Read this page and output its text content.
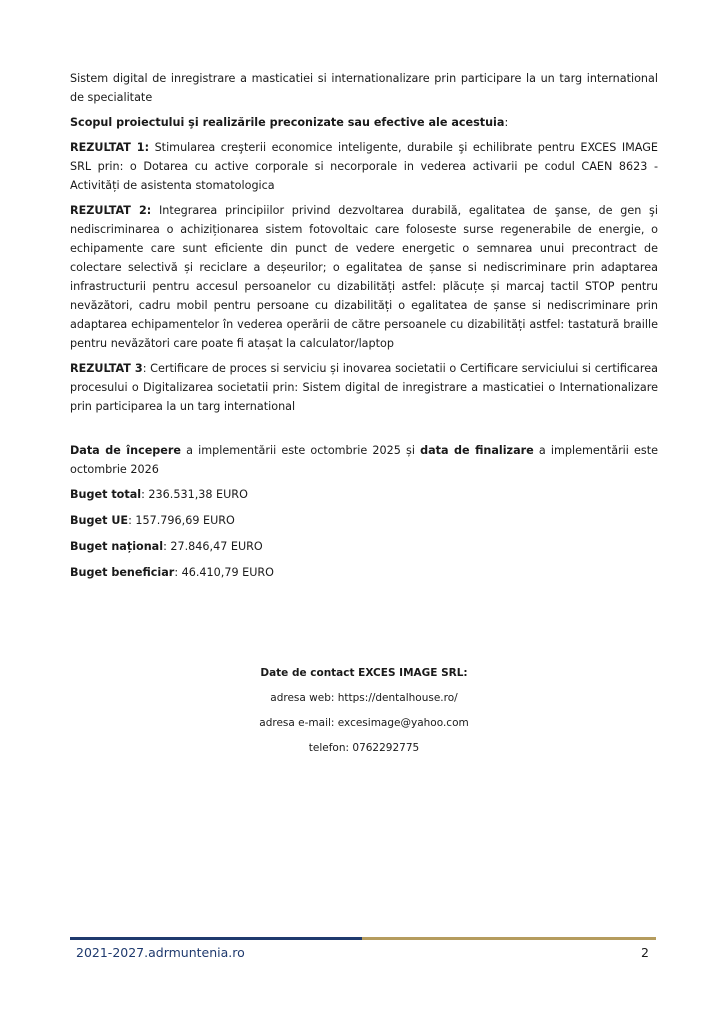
Sistem digital de inregistrare a masticatiei si internationalizare prin participare la un targ international de specialitate

Scopul proiectului şi realizările preconizate sau efective ale acestuia:

REZULTAT 1: Stimularea creşterii economice inteligente, durabile şi echilibrate pentru EXCES IMAGE SRL prin: o Dotarea cu active corporale si necorporale in vederea activarii pe codul CAEN 8623 - Activități de asistenta stomatologica

REZULTAT 2: Integrarea principiilor privind dezvoltarea durabilă, egalitatea de şanse, de gen şi nediscriminarea o achiziționarea sistem fotovoltaic care foloseste surse regenerabile de energie, o echipamente care sunt eficiente din punct de vedere energetic o semnarea unui precontract de colectare selectivă și reciclare a deșeurilor; o egalitatea de șanse si nediscriminare prin adaptarea infrastructurii pentru accesul persoanelor cu dizabilități astfel: plăcuțe și marcaj tactil STOP pentru nevăzători, cadru mobil pentru persoane cu dizabilități o egalitatea de șanse si nediscriminare prin adaptarea echipamentelor în vederea operării de către persoanele cu dizabilități astfel: tastatură braille pentru nevăzători care poate fi atașat la calculator/laptop

REZULTAT 3: Certificare de proces si serviciu și inovarea societatii o Certificare serviciului si certificarea procesului o Digitalizarea societatii prin: Sistem digital de inregistrare a masticatiei o Internationalizare prin participarea la un targ international

Data de începere a implementării este octombrie 2025 și data de finalizare a implementării este octombrie 2026

Buget total: 236.531,38 EURO

Buget UE: 157.796,69 EURO

Buget național: 27.846,47 EURO

Buget beneficiar: 46.410,79 EURO

Date de contact EXCES IMAGE SRL:
adresa web: https://dentalhouse.ro/
adresa e-mail: excesimage@yahoo.com
telefon: 0762292775
2021-2027.adrmuntenia.ro	2
